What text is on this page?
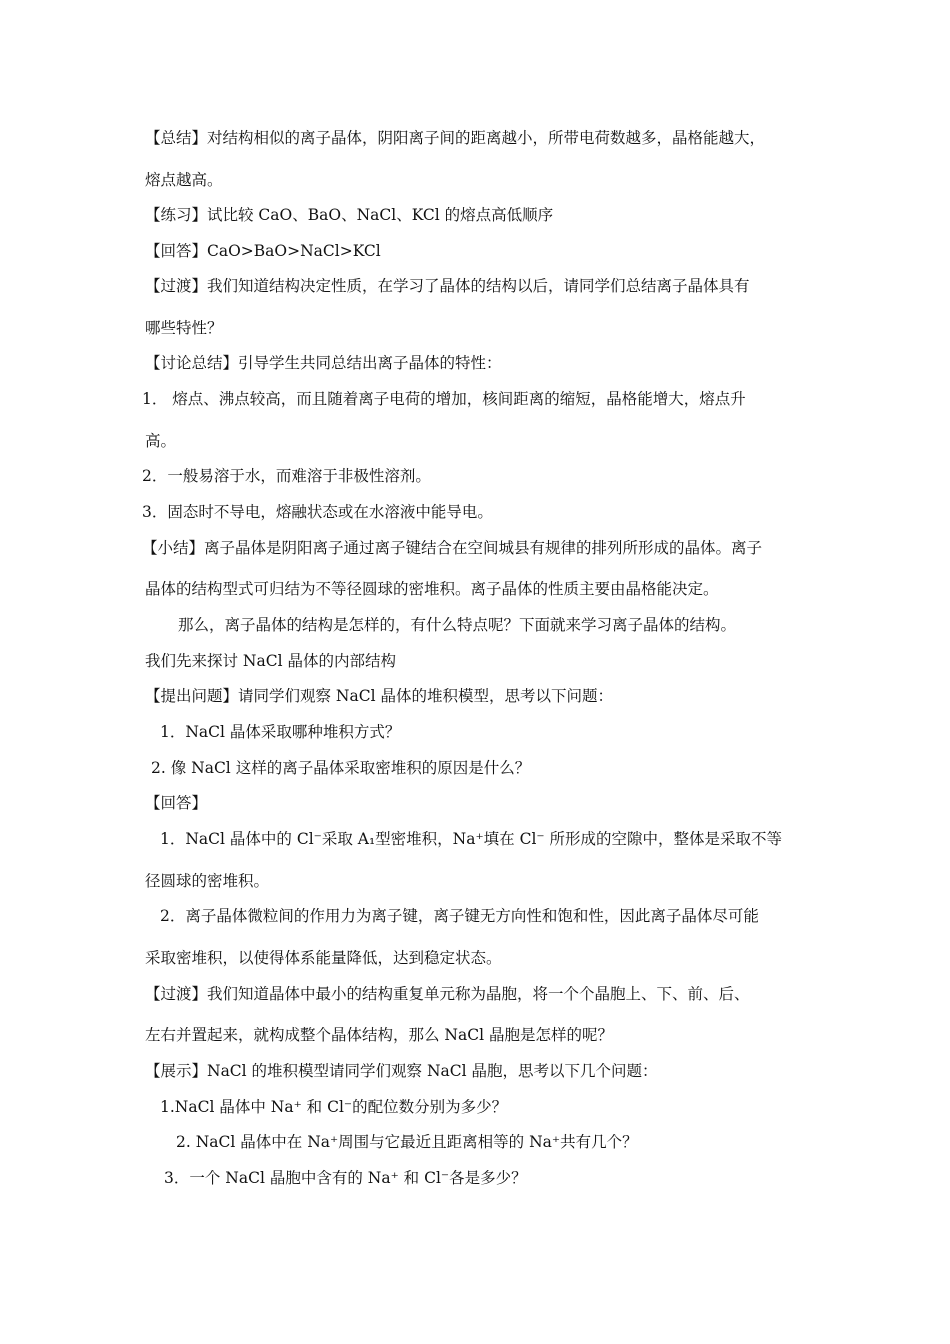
【总结】对结构相似的离子晶体，阴阳离子间的距离越小，所带电荷数越多，晶格能越大，
熔点越高。
【练习】试比较 CaO、BaO、NaCl、KCl 的熔点高低顺序
【回答】CaO>BaO>NaCl>KCl
【过渡】我们知道结构决定性质，在学习了晶体的结构以后，请同学们总结离子晶体具有
哪些特性？
【讨论总结】引导学生共同总结出离子晶体的特性：
1． 熔点、沸点较高，而且随着离子电荷的增加，核间距离的缩短，晶格能增大，熔点升
高。
2．一般易溶于水，而难溶于非极性溶剂。
3．固态时不导电，熔融状态或在水溶液中能导电。
【小结】离子晶体是阴阳离子通过离子键结合在空间城县有规律的排列所形成的晶体。离子
晶体的结构型式可归结为不等径圆球的密堆积。离子晶体的性质主要由晶格能决定。
那么，离子晶体的结构是怎样的，有什么特点呢？下面就来学习离子晶体的结构。
我们先来探讨 NaCl 晶体的内部结构
【提出问题】请同学们观察 NaCl 晶体的堆积模型，思考以下问题：
1．NaCl 晶体采取哪种堆积方式？
2. 像 NaCl 这样的离子晶体采取密堆积的原因是什么？
【回答】
1．NaCl 晶体中的 Cl⁻采取 A₁型密堆积，Na⁺填在 Cl⁻ 所形成的空隙中，整体是采取不等
径圆球的密堆积。
2．离子晶体微粒间的作用力为离子键，离子键无方向性和饱和性，因此离子晶体尽可能
采取密堆积，以使得体系能量降低，达到稳定状态。
【过渡】我们知道晶体中最小的结构重复单元称为晶胞，将一个个晶胞上、下、前、后、
左右并置起来，就构成整个晶体结构，那么 NaCl 晶胞是怎样的呢？
【展示】NaCl 的堆积模型请同学们观察 NaCl 晶胞，思考以下几个问题：
1.NaCl 晶体中 Na⁺ 和 Cl⁻的配位数分别为多少？
2. NaCl 晶体中在 Na⁺周围与它最近且距离相等的 Na⁺共有几个？
3．一个 NaCl 晶胞中含有的 Na⁺ 和 Cl⁻各是多少？
